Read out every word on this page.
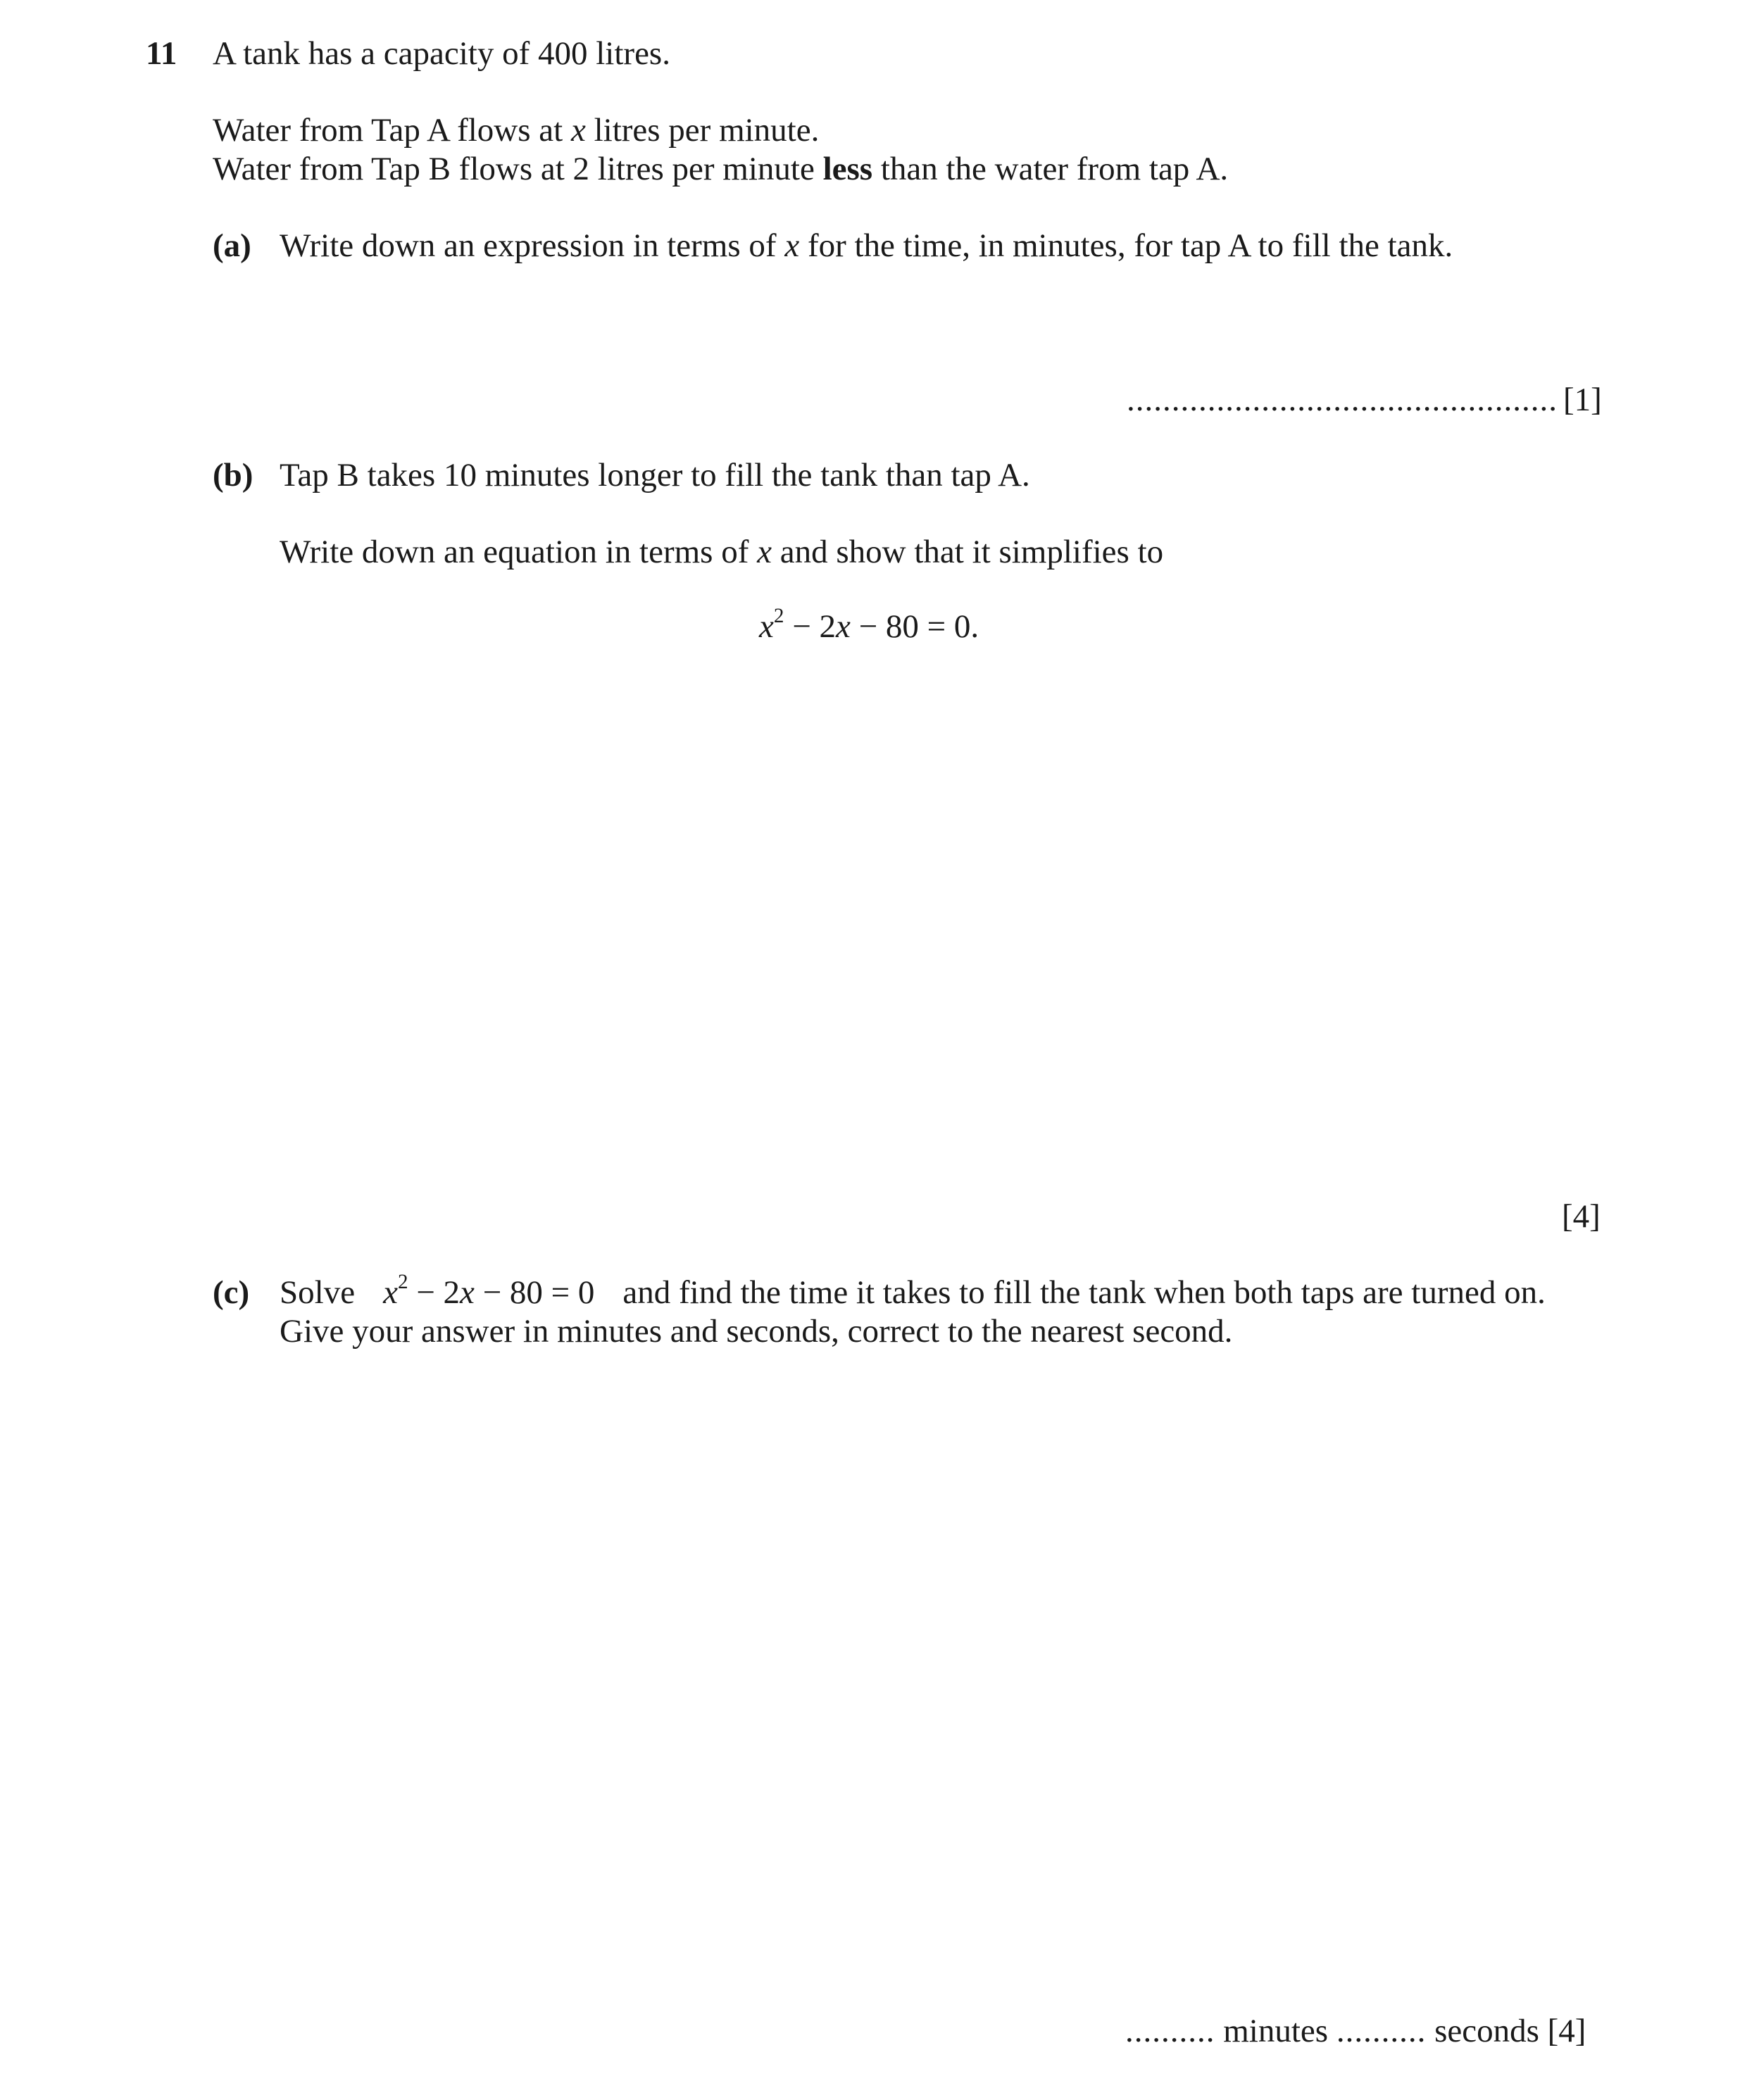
11 A tank has a capacity of 400 litres.
Water from Tap A flows at x litres per minute.
Water from Tap B flows at 2 litres per minute less than the water from tap A.
(a) Write down an expression in terms of x for the time, in minutes, for tap A to fill the tank.
................................................ [1]
(b) Tap B takes 10 minutes longer to fill the tank than tap A.
Write down an equation in terms of x and show that it simplifies to
$x^2 - 2x - 80 = 0$.
[4]
(c) Solve $x^2 - 2x - 80 = 0$ and find the time it takes to fill the tank when both taps are turned on.
Give your answer in minutes and seconds, correct to the nearest second.
.......... minutes .......... seconds [4]
